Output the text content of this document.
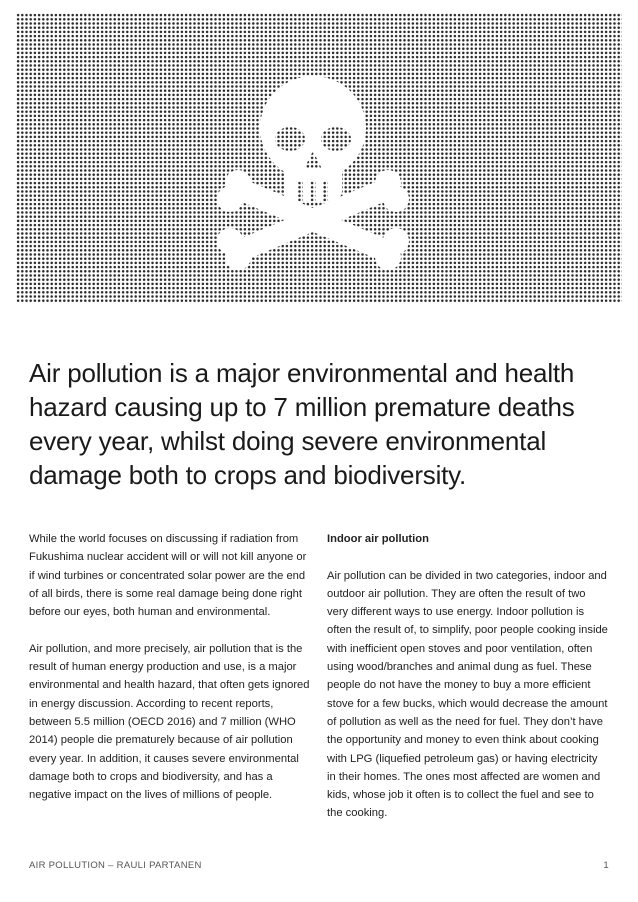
Air pollution is a major environmental and health hazard causing up to 7 million premature deaths every year, whilst doing severe environmental damage both to crops and biodiversity.

While the world focuses on discussing if radiation from Fukushima nuclear accident will or will not kill anyone or if wind turbines or concentrated solar power are the end of all birds, there is some real damage being done right before our eyes, both human and environmental.

Air pollution, and more precisely, air pollution that is the result of human energy production and use, is a major environmental and health hazard, that often gets ignored in energy discussion. According to recent reports, between 5.5 million (OECD 2016) and 7 million (WHO 2014) people die prematurely because of air pollution every year. In addition, it causes severe environmental damage both to crops and biodiversity, and has a negative impact on the lives of millions of people.

Indoor air pollution

Air pollution can be divided in two categories, indoor and outdoor air pollution. They are often the result of two very different ways to use energy. Indoor pollution is often the result of, to simplify, poor people cooking inside with inefficient open stoves and poor ventilation, often using wood/branches and animal dung as fuel. These people do not have the money to buy a more efficient stove for a few bucks, which would decrease the amount of pollution as well as the need for fuel. They don’t have the opportunity and money to even think about cooking with LPG (liquefied petroleum gas) or having electricity in their homes. The ones most affected are women and kids, whose job it often is to collect the fuel and see to the cooking.

AIR POLLUTION – RAULI PARTANEN	1
